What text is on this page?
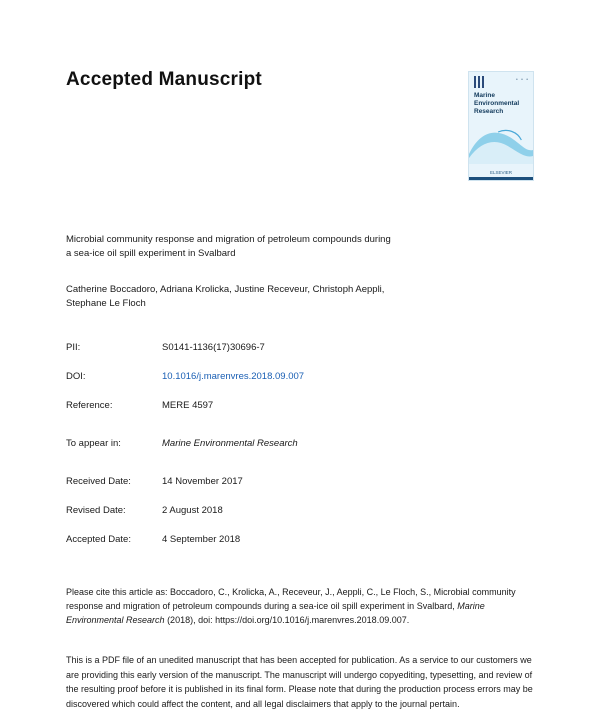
Accepted Manuscript	• • •
Marine Environmental Research
ELSEVIER
Microbial community response and migration of petroleum compounds during a sea-ice oil spill experiment in Svalbard
Catherine Boccadoro, Adriana Krolicka, Justine Receveur, Christoph Aeppli, Stephane Le Floch
PII:	S0141-1136(17)30696-7
DOI:	10.1016/j.marenvres.2018.09.007
Reference:	MERE 4597
To appear in:	Marine Environmental Research
Received Date:	14 November 2017
Revised Date:	2 August 2018
Accepted Date:	4 September 2018
Please cite this article as: Boccadoro, C., Krolicka, A., Receveur, J., Aeppli, C., Le Floch, S., Microbial community response and migration of petroleum compounds during a sea-ice oil spill experiment in Svalbard, Marine Environmental Research (2018), doi: https://doi.org/10.1016/j.marenvres.2018.09.007.
This is a PDF file of an unedited manuscript that has been accepted for publication. As a service to our customers we are providing this early version of the manuscript. The manuscript will undergo copyediting, typesetting, and review of the resulting proof before it is published in its final form. Please note that during the production process errors may be discovered which could affect the content, and all legal disclaimers that apply to the journal pertain.
